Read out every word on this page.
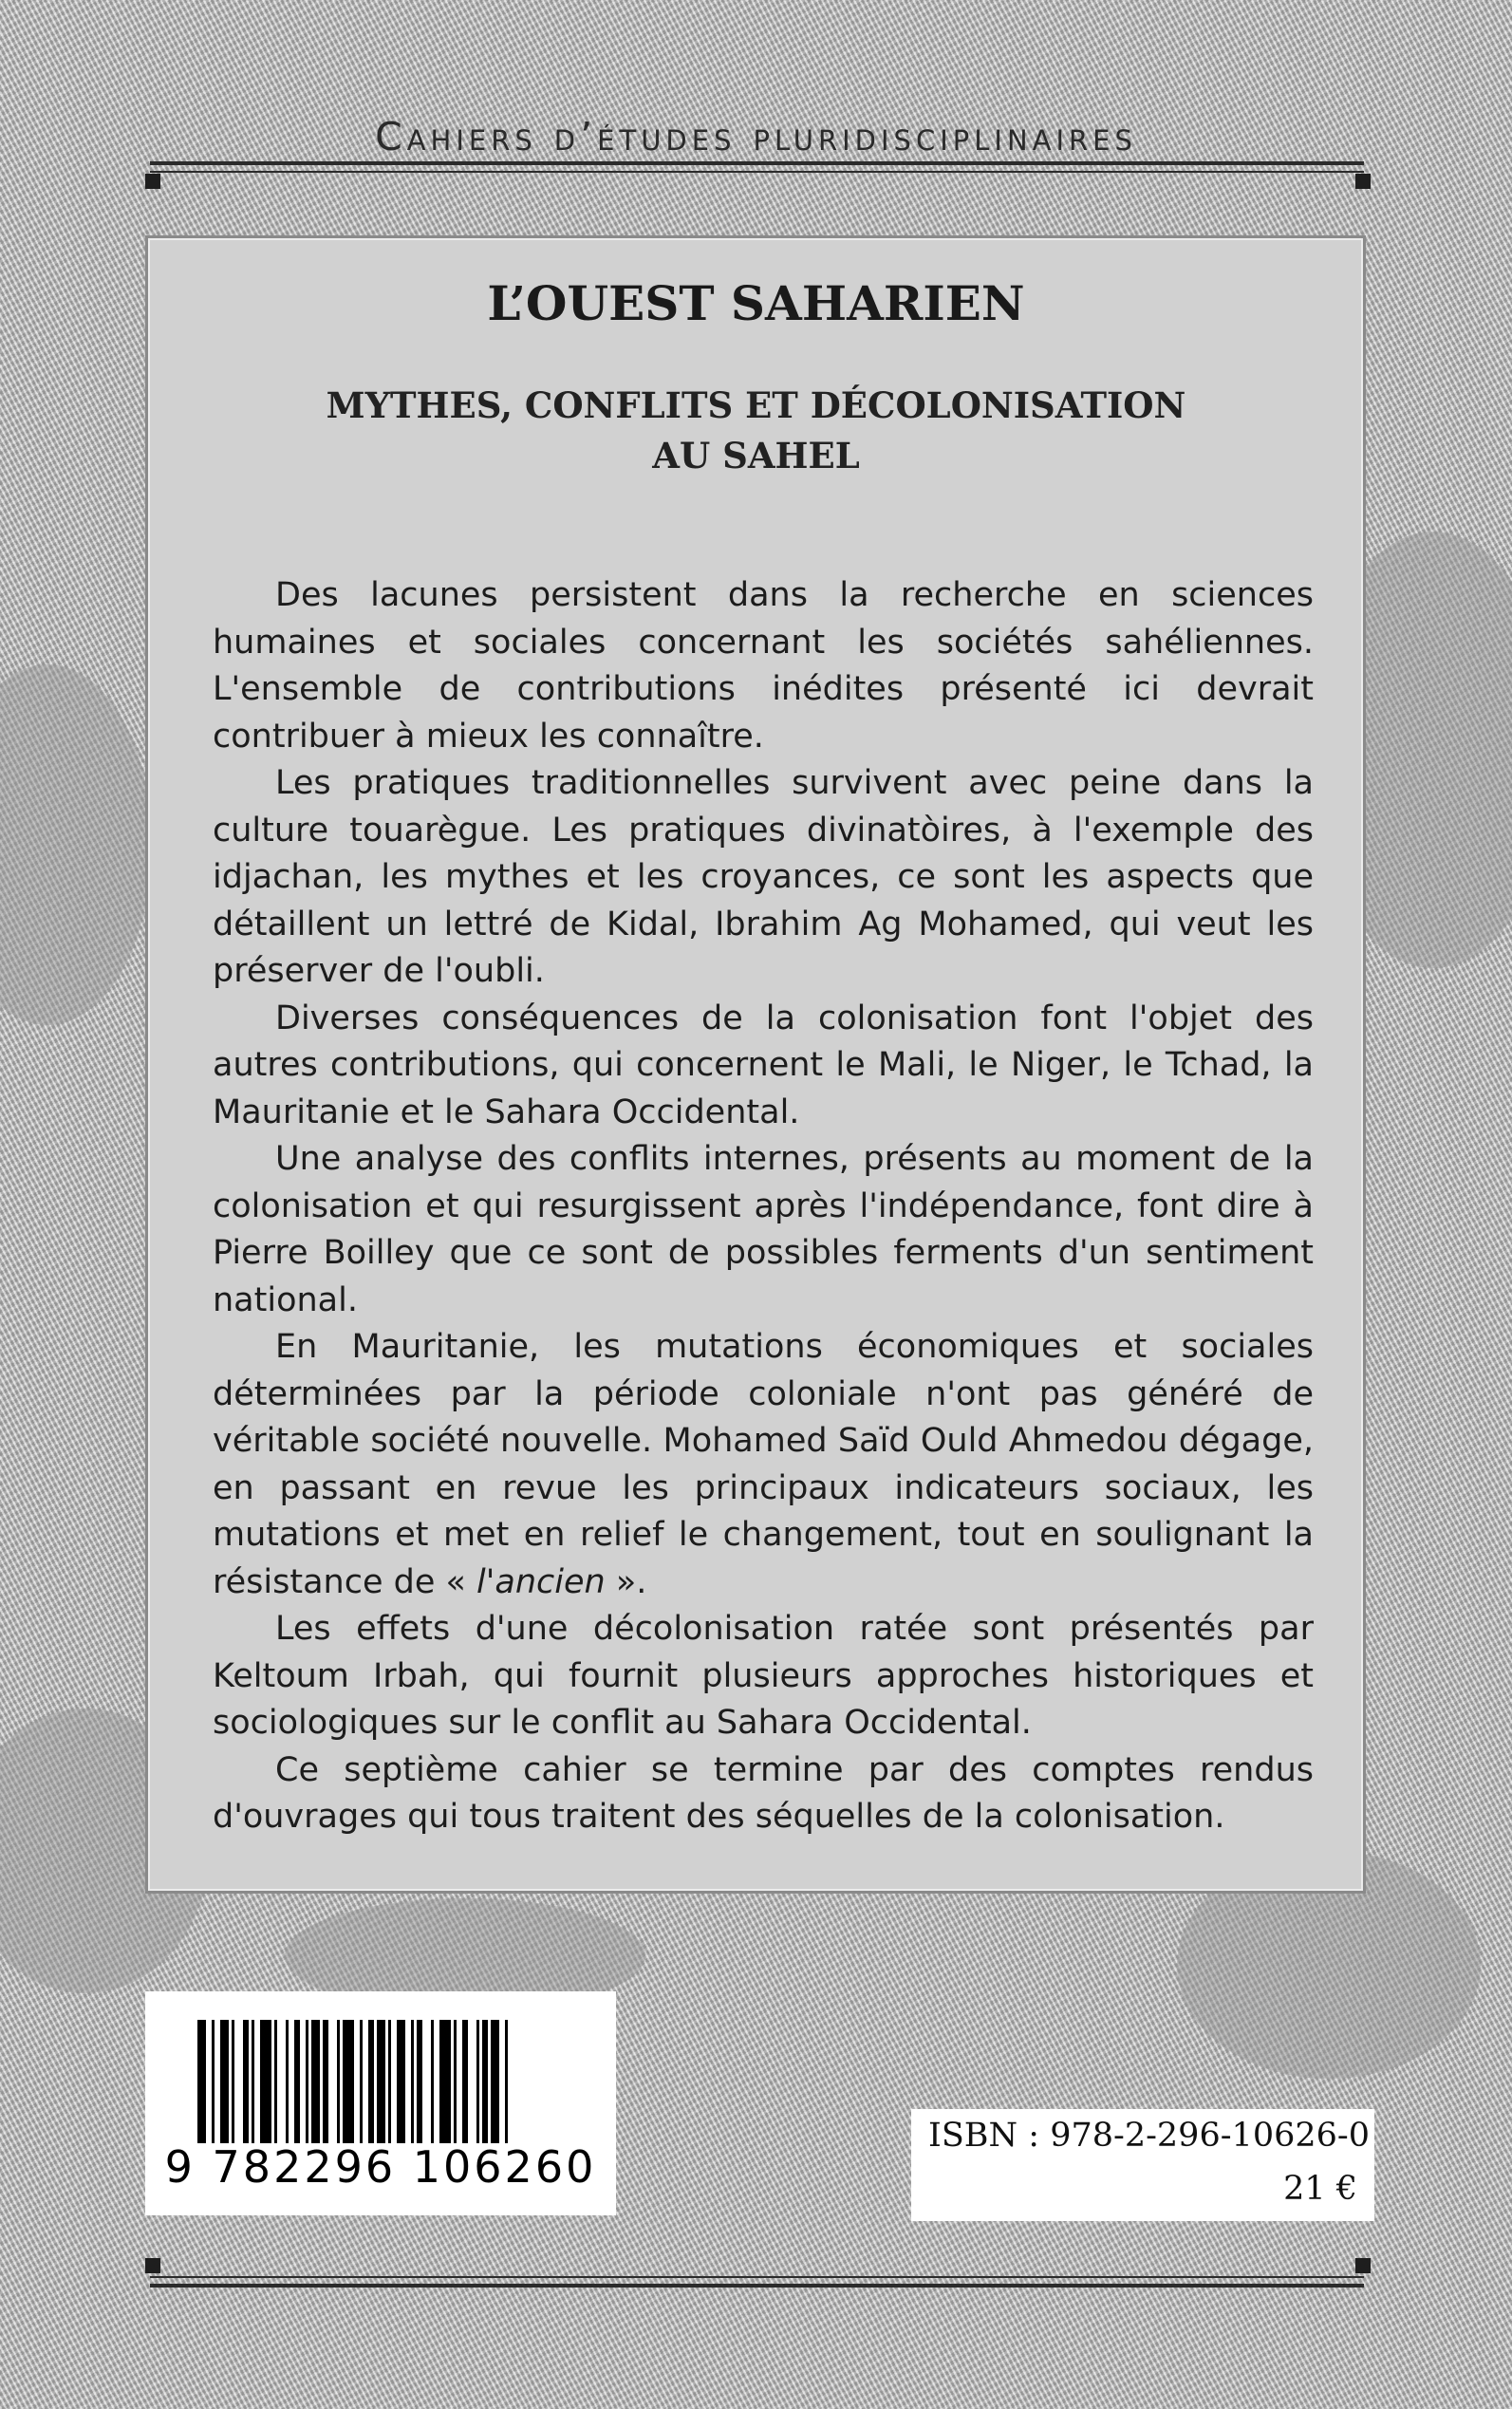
Cahiers d’études pluridisciplinaires
L’OUEST SAHARIEN
MYTHES, CONFLITS ET DÉCOLONISATION
AU SAHEL

Des lacunes persistent dans la recherche en sciences humaines et sociales concernant les sociétés sahéliennes. L'ensemble de contributions inédites présenté ici devrait contribuer à mieux les connaître.

Les pratiques traditionnelles survivent avec peine dans la culture touarègue. Les pratiques divinatòires, à l'exemple des idjachan, les mythes et les croyances, ce sont les aspects que détaillent un lettré de Kidal, Ibrahim Ag Mohamed, qui veut les préserver de l'oubli.

Diverses conséquences de la colonisation font l'objet des autres contributions, qui concernent le Mali, le Niger, le Tchad, la Mauritanie et le Sahara Occidental.

Une analyse des conflits internes, présents au moment de la colonisation et qui resurgissent après l'indépendance, font dire à Pierre Boilley que ce sont de possibles ferments d'un sentiment national.

En Mauritanie, les mutations économiques et sociales déterminées par la période coloniale n'ont pas généré de véritable société nouvelle. Mohamed Saïd Ould Ahmedou dégage, en passant en revue les principaux indicateurs sociaux, les mutations et met en relief le changement, tout en soulignant la résistance de « l'ancien ».

Les effets d'une décolonisation ratée sont présentés par Keltoum Irbah, qui fournit plusieurs approches historiques et sociologiques sur le conflit au Sahara Occidental.

Ce septième cahier se termine par des comptes rendus d'ouvrages qui tous traitent des séquelles de la colonisation.

9 782296 106260
ISBN : 978-2-296-10626-0
21 €
